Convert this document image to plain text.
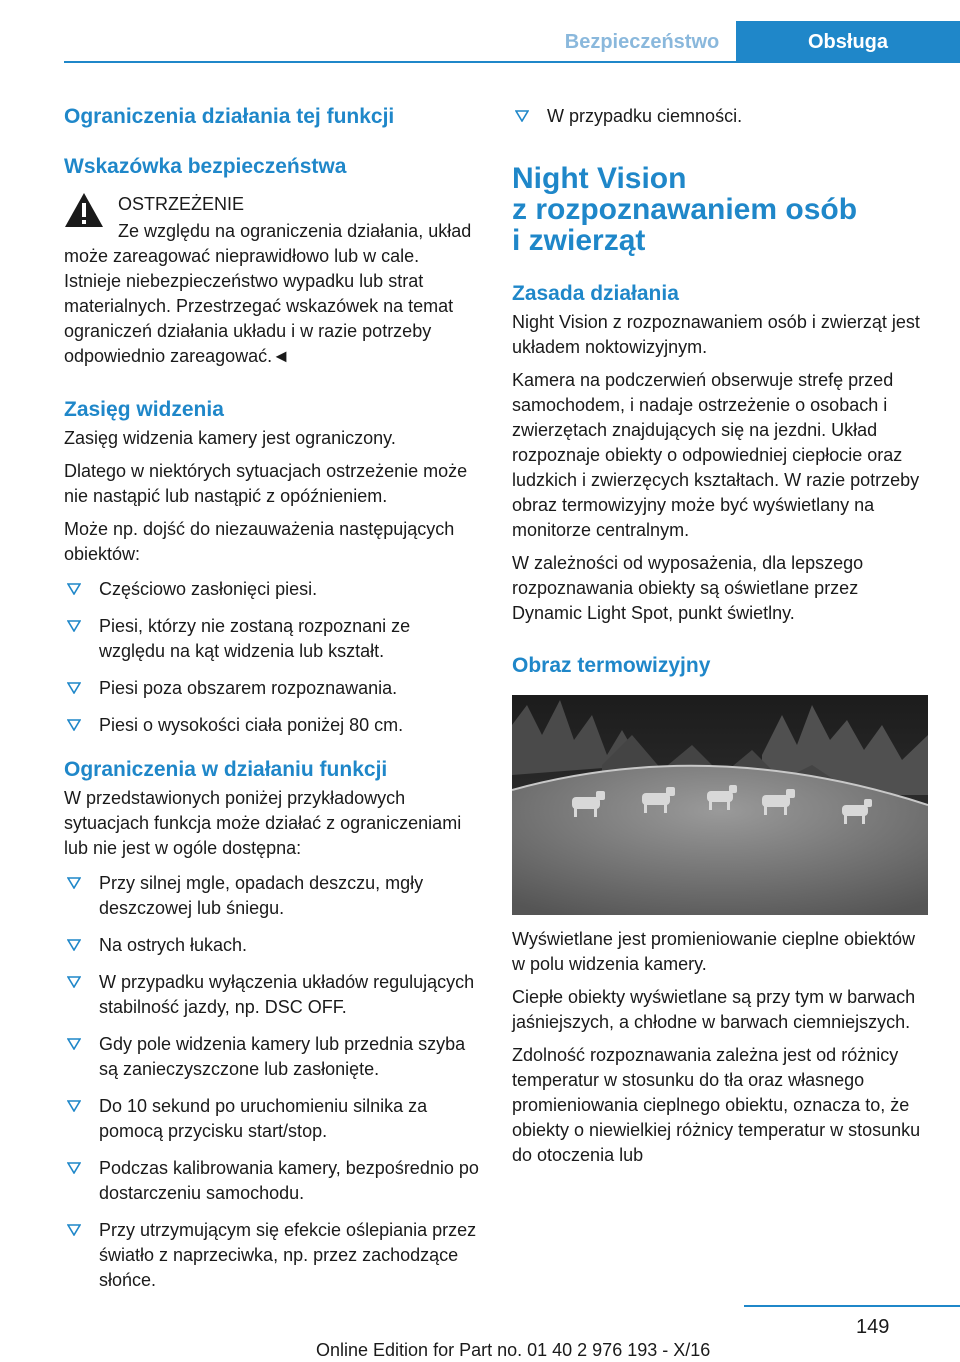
Bezpieczeństwo	Obsługa
Ograniczenia działania tej funkcji
Wskazówka bezpieczeństwa
OSTRZEŻENIE

Ze względu na ograniczenia działania, układ może zareagować nieprawidłowo lub w cale. Istnieje niebezpieczeństwo wypadku lub strat materialnych. Przestrzegać wskazówek na temat ograniczeń działania układu i w razie potrzeby odpowiednio zareagować.◄

Zasięg widzenia

Zasięg widzenia kamery jest ograniczony.

Dlatego w niektórych sytuacjach ostrzeżenie może nie nastąpić lub nastąpić z opóźnieniem.

Może np. dojść do niezauważenia następujących obiektów:

Częściowo zasłonięci piesi.
Piesi, którzy nie zostaną rozpoznani ze względu na kąt widzenia lub kształt.
Piesi poza obszarem rozpoznawania.
Piesi o wysokości ciała poniżej 80 cm.
Ograniczenia w działaniu funkcji

W przedstawionych poniżej przykładowych sytuacjach funkcja może działać z ograniczeniami lub nie jest w ogóle dostępna:

Przy silnej mgle, opadach deszczu, mgły deszczowej lub śniegu.
Na ostrych łukach.
W przypadku wyłączenia układów regulujących stabilność jazdy, np. DSC OFF.
Gdy pole widzenia kamery lub przednia szyba są zanieczyszczone lub zasłonięte.
Do 10 sekund po uruchomieniu silnika za pomocą przycisku start/stop.
Podczas kalibrowania kamery, bezpośrednio po dostarczeniu samochodu.
Przy utrzymującym się efekcie oślepiania przez światło z naprzeciwka, np. przez zachodzące słońce.
W przypadku ciemności.
Night Vision
z rozpoznawaniem osób
i zwierząt
Zasada działania

Night Vision z rozpoznawaniem osób i zwierząt jest układem noktowizyjnym.

Kamera na podczerwień obserwuje strefę przed samochodem, i nadaje ostrzeżenie o osobach i zwierzętach znajdujących się na jezdni. Układ rozpoznaje obiekty o odpowiedniej ciepłocie oraz ludzkich i zwierzęcych kształtach. W razie potrzeby obraz termowizyjny może być wyświetlany na monitorze centralnym.

W zależności od wyposażenia, dla lepszego rozpoznawania obiekty są oświetlane przez Dynamic Light Spot, punkt świetlny.

Obraz termowizyjny

Wyświetlane jest promieniowanie cieplne obiektów w polu widzenia kamery.

Ciepłe obiekty wyświetlane są przy tym w barwach jaśniejszych, a chłodne w barwach ciemniejszych.

Zdolność rozpoznawania zależna jest od różnicy temperatur w stosunku do tła oraz własnego promieniowania cieplnego obiektu, oznacza to, że obiekty o niewielkiej różnicy temperatur w stosunku do otoczenia lub

149
Online Edition for Part no. 01 40 2 976 193 - X/16
